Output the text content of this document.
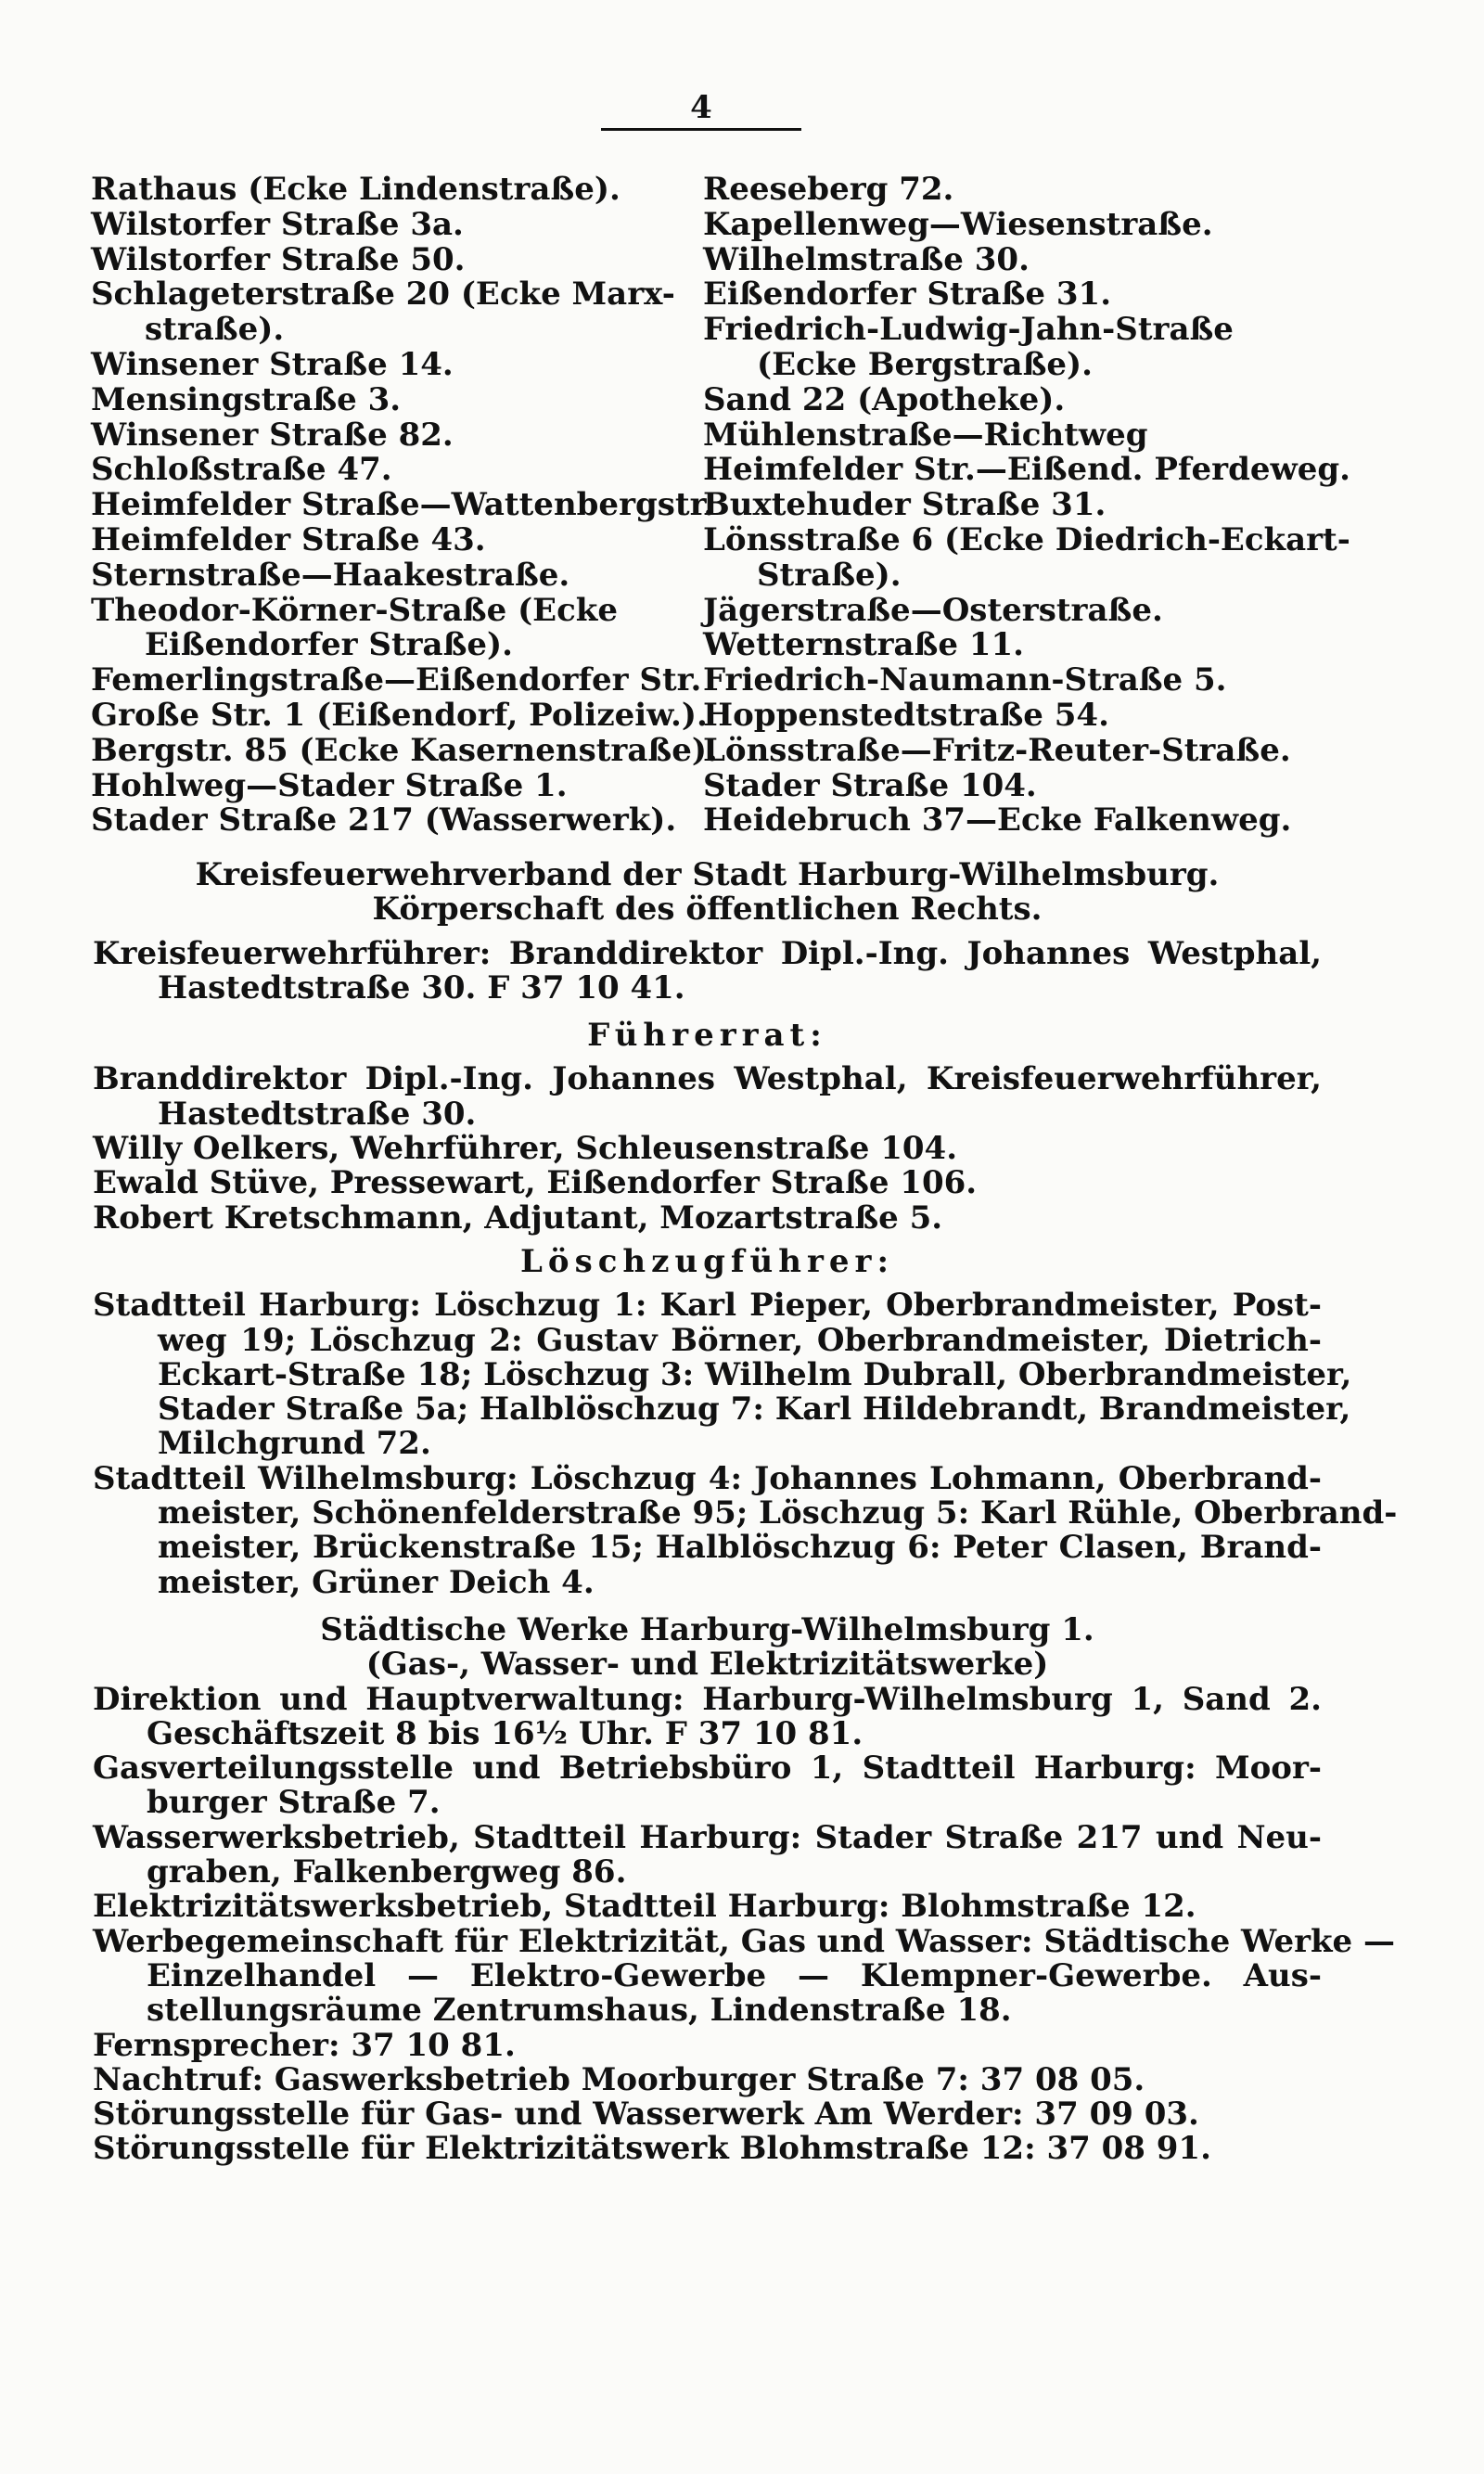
4
Rathaus (Ecke Lindenstraße).
Wilstorfer Straße 3a.
Wilstorfer Straße 50.
Schlageterstraße 20 (Ecke Marx-
straße).
Winsener Straße 14.
Mensingstraße 3.
Winsener Straße 82.
Schloßstraße 47.
Heimfelder Straße—Wattenbergstr.
Heimfelder Straße 43.
Sternstraße—Haakestraße.
Theodor-Körner-Straße (Ecke
Eißendorfer Straße).
Femerlingstraße—Eißendorfer Str.
Große Str. 1 (Eißendorf, Polizeiw.).
Bergstr. 85 (Ecke Kasernenstraße).
Hohlweg—Stader Straße 1.
Stader Straße 217 (Wasserwerk).
Reeseberg 72.
Kapellenweg—Wiesenstraße.
Wilhelmstraße 30.
Eißendorfer Straße 31.
Friedrich-Ludwig-Jahn-Straße
(Ecke Bergstraße).
Sand 22 (Apotheke).
Mühlenstraße—Richtweg
Heimfelder Str.—Eißend. Pferdeweg.
Buxtehuder Straße 31.
Lönsstraße 6 (Ecke Diedrich-Eckart-
Straße).
Jägerstraße—Osterstraße.
Wetternstraße 11.
Friedrich-Naumann-Straße 5.
Hoppenstedtstraße 54.
Lönsstraße—Fritz-Reuter-Straße.
Stader Straße 104.
Heidebruch 37—Ecke Falkenweg.
Kreisfeuerwehrverband der Stadt Harburg-Wilhelmsburg.
Körperschaft des öffentlichen Rechts.
Kreisfeuerwehrführer: Branddirektor Dipl.-Ing. Johannes Westphal,
Hastedtstraße 30. F 37 10 41.
Führerrat:
Branddirektor Dipl.-Ing. Johannes Westphal, Kreisfeuerwehrführer,
Hastedtstraße 30.
Willy Oelkers, Wehrführer, Schleusenstraße 104.
Ewald Stüve, Pressewart, Eißendorfer Straße 106.
Robert Kretschmann, Adjutant, Mozartstraße 5.
Löschzugführer:
Stadtteil Harburg: Löschzug 1: Karl Pieper, Oberbrandmeister, Post-
weg 19; Löschzug 2: Gustav Börner, Oberbrandmeister, Dietrich-
Eckart-Straße 18; Löschzug 3: Wilhelm Dubrall, Oberbrandmeister,
Stader Straße 5a; Halblöschzug 7: Karl Hildebrandt, Brandmeister,
Milchgrund 72.
Stadtteil Wilhelmsburg: Löschzug 4: Johannes Lohmann, Oberbrand-
meister, Schönenfelderstraße 95; Löschzug 5: Karl Rühle, Oberbrand-
meister, Brückenstraße 15; Halblöschzug 6: Peter Clasen, Brand-
meister, Grüner Deich 4.
Städtische Werke Harburg-Wilhelmsburg 1.
(Gas-, Wasser- und Elektrizitätswerke)
Direktion und Hauptverwaltung: Harburg-Wilhelmsburg 1, Sand 2.
Geschäftszeit 8 bis 16½ Uhr. F 37 10 81.
Gasverteilungsstelle und Betriebsbüro 1, Stadtteil Harburg: Moor-
burger Straße 7.
Wasserwerksbetrieb, Stadtteil Harburg: Stader Straße 217 und Neu-
graben, Falkenbergweg 86.
Elektrizitätswerksbetrieb, Stadtteil Harburg: Blohmstraße 12.
Werbegemeinschaft für Elektrizität, Gas und Wasser: Städtische Werke —
Einzelhandel — Elektro-Gewerbe — Klempner-Gewerbe. Aus-
stellungsräume Zentrumshaus, Lindenstraße 18.
Fernsprecher: 37 10 81.
Nachtruf: Gaswerksbetrieb Moorburger Straße 7: 37 08 05.
Störungsstelle für Gas- und Wasserwerk Am Werder: 37 09 03.
Störungsstelle für Elektrizitätswerk Blohmstraße 12: 37 08 91.
